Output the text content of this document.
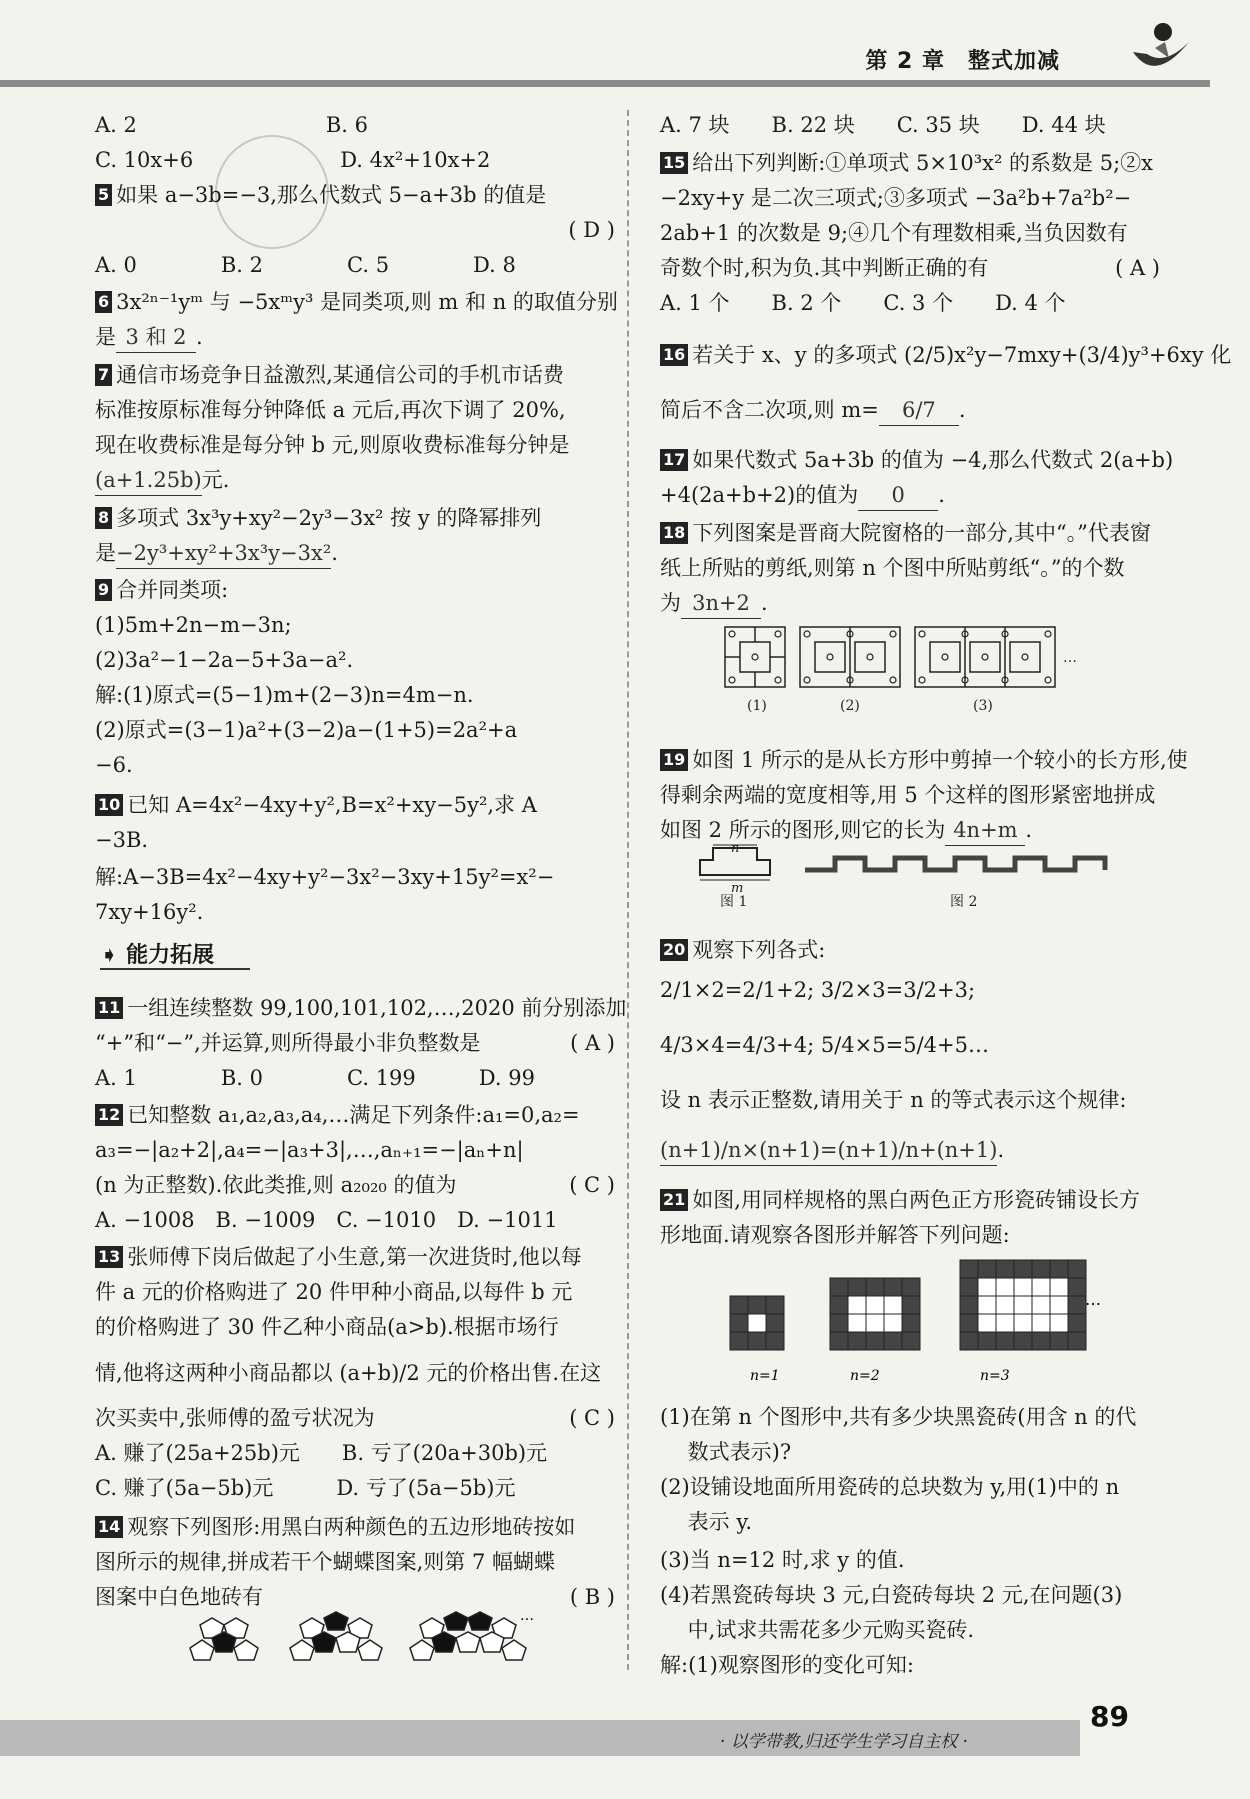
第 2 章　整式加减
A. 2　　　　　　　　　B. 6
C. 10x+6　　　　　　　D. 4x²+10x+2
5 如果 a−3b=−3,那么代数式 5−a+3b 的值是
( D )
A. 0　　　　B. 2　　　　C. 5　　　　D. 8
6 3x²ⁿ⁻¹yᵐ 与 −5xᵐy³ 是同类项,则 m 和 n 的取值分别
是 3 和 2 .
7 通信市场竞争日益激烈,某通信公司的手机市话费
标准按原标准每分钟降低 a 元后,再次下调了 20%,
现在收费标准是每分钟 b 元,则原收费标准每分钟是
(a+1.25b)元.
8 多项式 3x³y+xy²−2y³−3x² 按 y 的降幂排列
是−2y³+xy²+3x³y−3x².
9 合并同类项:
(1)5m+2n−m−3n;
(2)3a²−1−2a−5+3a−a².
解:(1)原式=(5−1)m+(2−3)n=4m−n.
(2)原式=(3−1)a²+(3−2)a−(1+5)=2a²+a
−6.
10 已知 A=4x²−4xy+y²,B=x²+xy−5y²,求 A
−3B.
解:A−3B=4x²−4xy+y²−3x²−3xy+15y²=x²−
7xy+16y².
11 一组连续整数 99,100,101,102,…,2020 前分别添加
“+”和“−”,并运算,则所得最小非负整数是	( A )
A. 1　　　　B. 0　　　　C. 199　　　D. 99
12 已知整数 a₁,a₂,a₃,a₄,…满足下列条件:a₁=0,a₂=
a₃=−|a₂+2|,a₄=−|a₃+3|,…,aₙ₊₁=−|aₙ+n|
(n 为正整数).依此类推,则 a₂₀₂₀ 的值为	( C )
A. −1008　B. −1009　C. −1010　D. −1011
13 张师傅下岗后做起了小生意,第一次进货时,他以每
件 a 元的价格购进了 20 件甲种小商品,以每件 b 元
的价格购进了 30 件乙种小商品(a>b).根据市场行
情,他将这两种小商品都以 (a+b)/2 元的价格出售.在这
次买卖中,张师傅的盈亏状况为	( C )
A. 赚了(25a+25b)元　　B. 亏了(20a+30b)元
C. 赚了(5a−5b)元　　　D. 亏了(5a−5b)元
14 观察下列图形:用黑白两种颜色的五边形地砖按如
图所示的规律,拼成若干个蝴蝶图案,则第 7 幅蝴蝶
图案中白色地砖有	( B )
➧ 能力拓展
A. 7 块　　B. 22 块　　C. 35 块　　D. 44 块
15 给出下列判断:①单项式 5×10³x² 的系数是 5;②x
−2xy+y 是二次三项式;③多项式 −3a²b+7a²b²−
2ab+1 的次数是 9;④几个有理数相乘,当负因数有
奇数个时,积为负.其中判断正确的有	( A )
A. 1 个　　B. 2 个　　C. 3 个　　D. 4 个
16 若关于 x、y 的多项式 (2/5)x²y−7mxy+(3/4)y³+6xy 化
简后不含二次项,则 m= 6/7 .
17 如果代数式 5a+3b 的值为 −4,那么代数式 2(a+b)
+4(2a+b+2)的值为 0 .
18 下列图案是晋商大院窗格的一部分,其中“。”代表窗
纸上所贴的剪纸,则第 n 个图中所贴剪纸“。”的个数
为 3n+2 .
19 如图 1 所示的是从长方形中剪掉一个较小的长方形,使
得剩余两端的宽度相等,用 5 个这样的图形紧密地拼成
如图 2 所示的图形,则它的长为 4n+m .
20 观察下列各式:
2/1×2=2/1+2; 3/2×3=3/2+3;
4/3×4=4/3+4; 5/4×5=5/4+5…
设 n 表示正整数,请用关于 n 的等式表示这个规律:
(n+1)/n×(n+1)=(n+1)/n+(n+1).
21 如图,用同样规格的黑白两色正方形瓷砖铺设长方
形地面.请观察各图形并解答下列问题:
(1)在第 n 个图形中,共有多少块黑瓷砖(用含 n 的代
　 数式表示)?
(2)设铺设地面所用瓷砖的总块数为 y,用(1)中的 n
　 表示 y.
(3)当 n=12 时,求 y 的值.
(4)若黑瓷砖每块 3 元,白瓷砖每块 2 元,在问题(3)
　 中,试求共需花多少元购买瓷砖.
解:(1)观察图形的变化可知:
…
(1)	(2)	(3)
…
n
m
图 1	图 2
n=1	n=2	n=3
…
· 以学带教,归还学生学习自主权 ·
89
